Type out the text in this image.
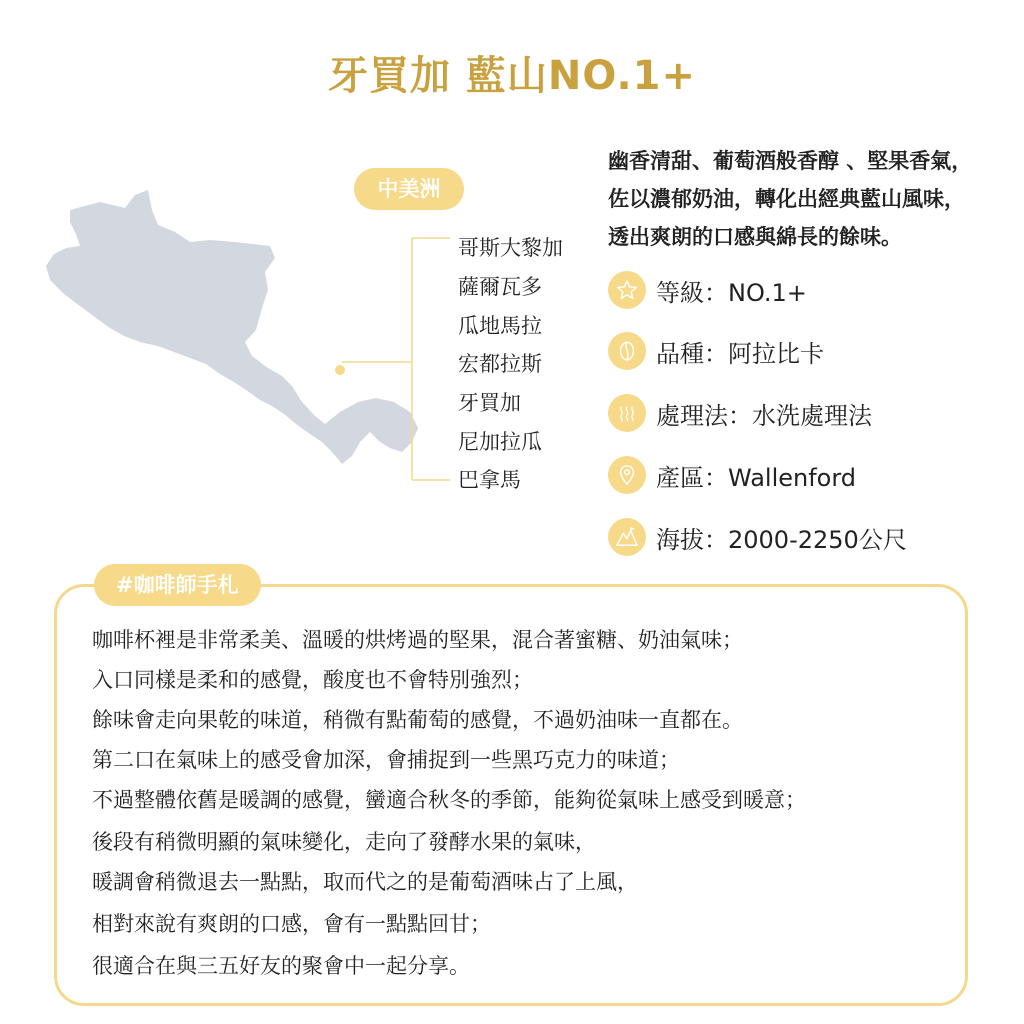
牙買加 藍山NO.1+
中美洲
哥斯大黎加
薩爾瓦多
瓜地馬拉
宏都拉斯
牙買加
尼加拉瓜
巴拿馬
幽香清甜、葡萄酒般香醇 、堅果香氣，
佐以濃郁奶油，轉化出經典藍山風味，
透出爽朗的口感與綿長的餘味。
等級：NO.1+
品種：阿拉比卡
處理法：水洗處理法
產區：Wallenford
海拔：2000-2250公尺
#咖啡師手札
咖啡杯裡是非常柔美、溫暖的烘烤過的堅果，混合著蜜糖、奶油氣味；
入口同樣是柔和的感覺，酸度也不會特別強烈；
餘味會走向果乾的味道，稍微有點葡萄的感覺，不過奶油味一直都在。
第二口在氣味上的感受會加深，會捕捉到一些黑巧克力的味道；
不過整體依舊是暖調的感覺，蠻適合秋冬的季節，能夠從氣味上感受到暖意；
後段有稍微明顯的氣味變化，走向了發酵水果的氣味，
暖調會稍微退去一點點，取而代之的是葡萄酒味占了上風，
相對來說有爽朗的口感，會有一點點回甘；
很適合在與三五好友的聚會中一起分享。
